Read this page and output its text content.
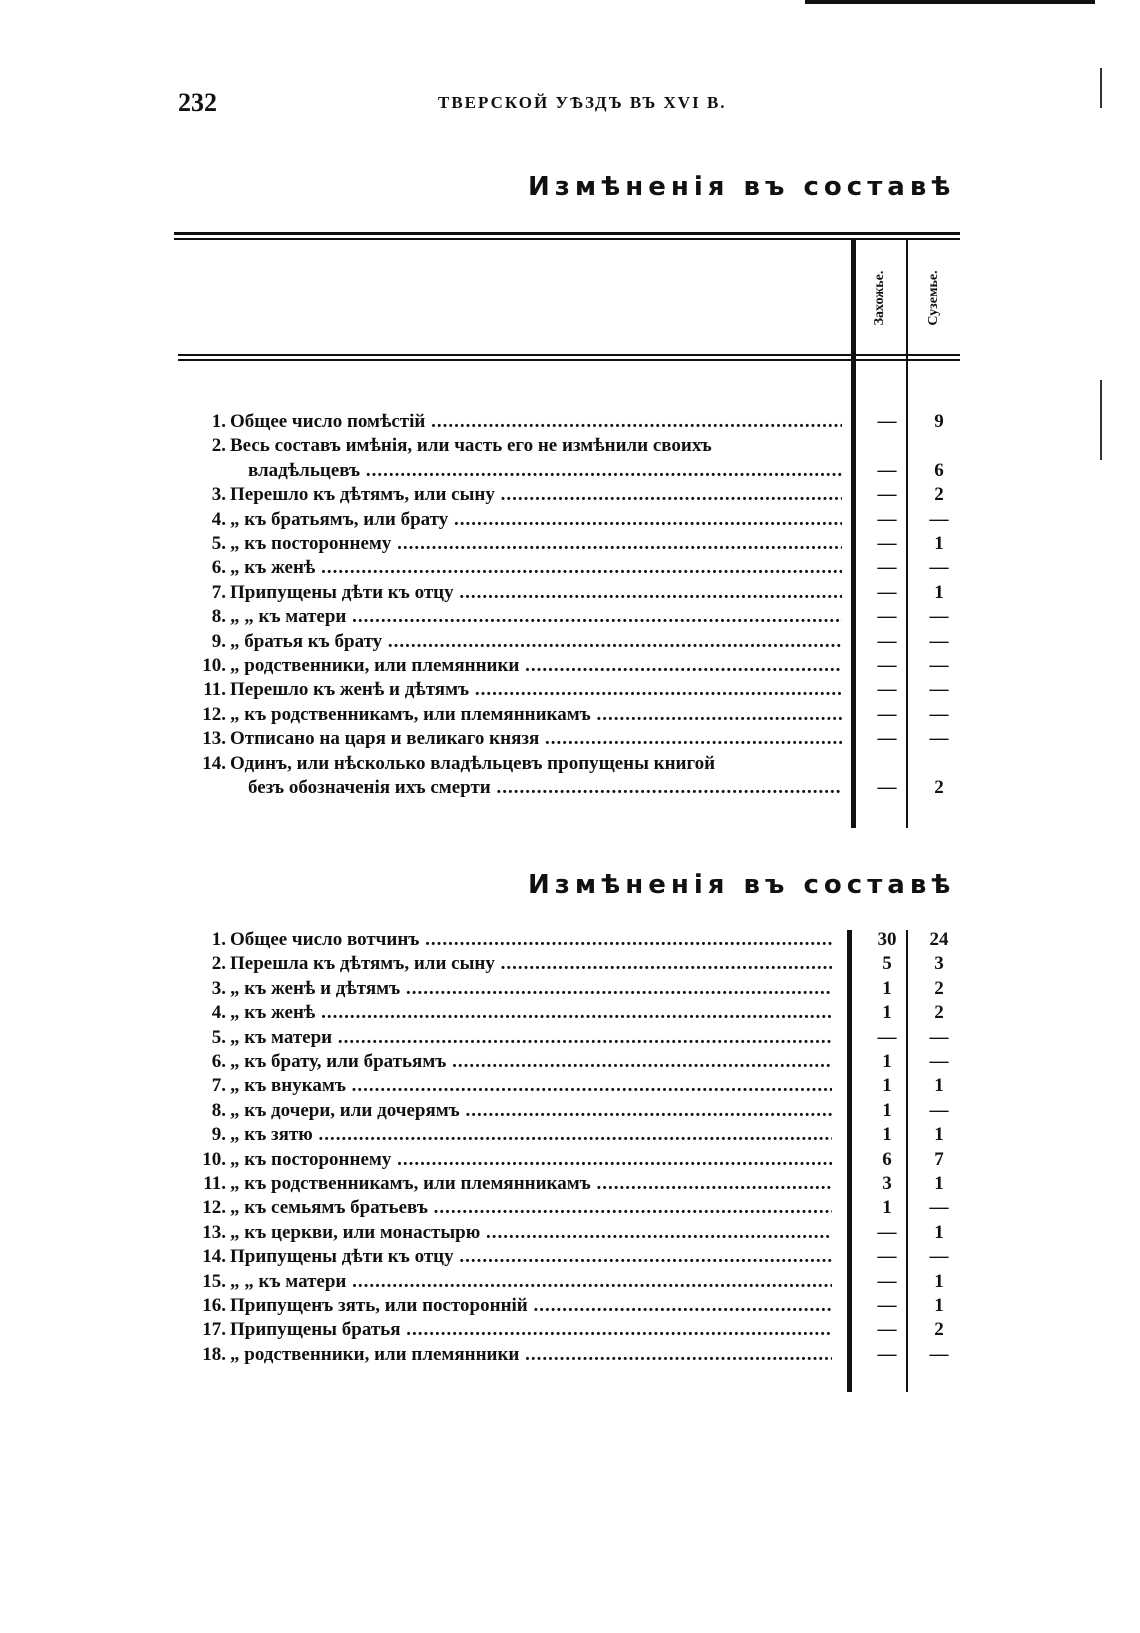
232	ТВЕРСКОЙ УѢЗДЪ ВЪ XVI В.
Измѣненія въ составѣ
Захожье.	Суземье.
1. Общее число помѣстій .....	—	9
2. Весь составъ имѣнія, или часть его не измѣнили своихъ
владѣльцевъ .....	—	6
3. Перешло къ дѣтямъ, или сыну .....	—	2
4. „ къ братьямъ, или брату .....	—	—
5. „ къ постороннему .....	—	1
6. „ къ женѣ .....	—	—
7. Припущены дѣти къ отцу .....	—	1
8. „ „ къ матери .....	—	—
9. „ братья къ брату .....	—	—
10. „ родственники, или племянники .....	—	—
11. Перешло къ женѣ и дѣтямъ .....	—	—
12. „ къ родственникамъ, или племянникамъ .....	—	—
13. Отписано на царя и великаго князя .....	—	—
14. Одинъ, или нѣсколько владѣльцевъ пропущены книгой
безъ обозначенія ихъ смерти .....	—	2
Измѣненія въ составѣ
1. Общее число вотчинъ .....	30	24
2. Перешла къ дѣтямъ, или сыну .....	5	3
3. „ къ женѣ и дѣтямъ .....	1	2
4. „ къ женѣ .....	1	2
5. „ къ матери .....	—	—
6. „ къ брату, или братьямъ .....	1	—
7. „ къ внукамъ .....	1	1
8. „ къ дочери, или дочерямъ .....	1	—
9. „ къ зятю .....	1	1
10. „ къ постороннему .....	6	7
11. „ къ родственникамъ, или племянникамъ .....	3	1
12. „ къ семьямъ братьевъ .....	1	—
13. „ къ церкви, или монастырю .....	—	1
14. Припущены дѣти къ отцу .....	—	—
15. „ „ къ матери .....	—	1
16. Припущенъ зять, или посторонній .....	—	1
17. Припущены братья .....	—	2
18. „ родственники, или племянники .....	—	—
